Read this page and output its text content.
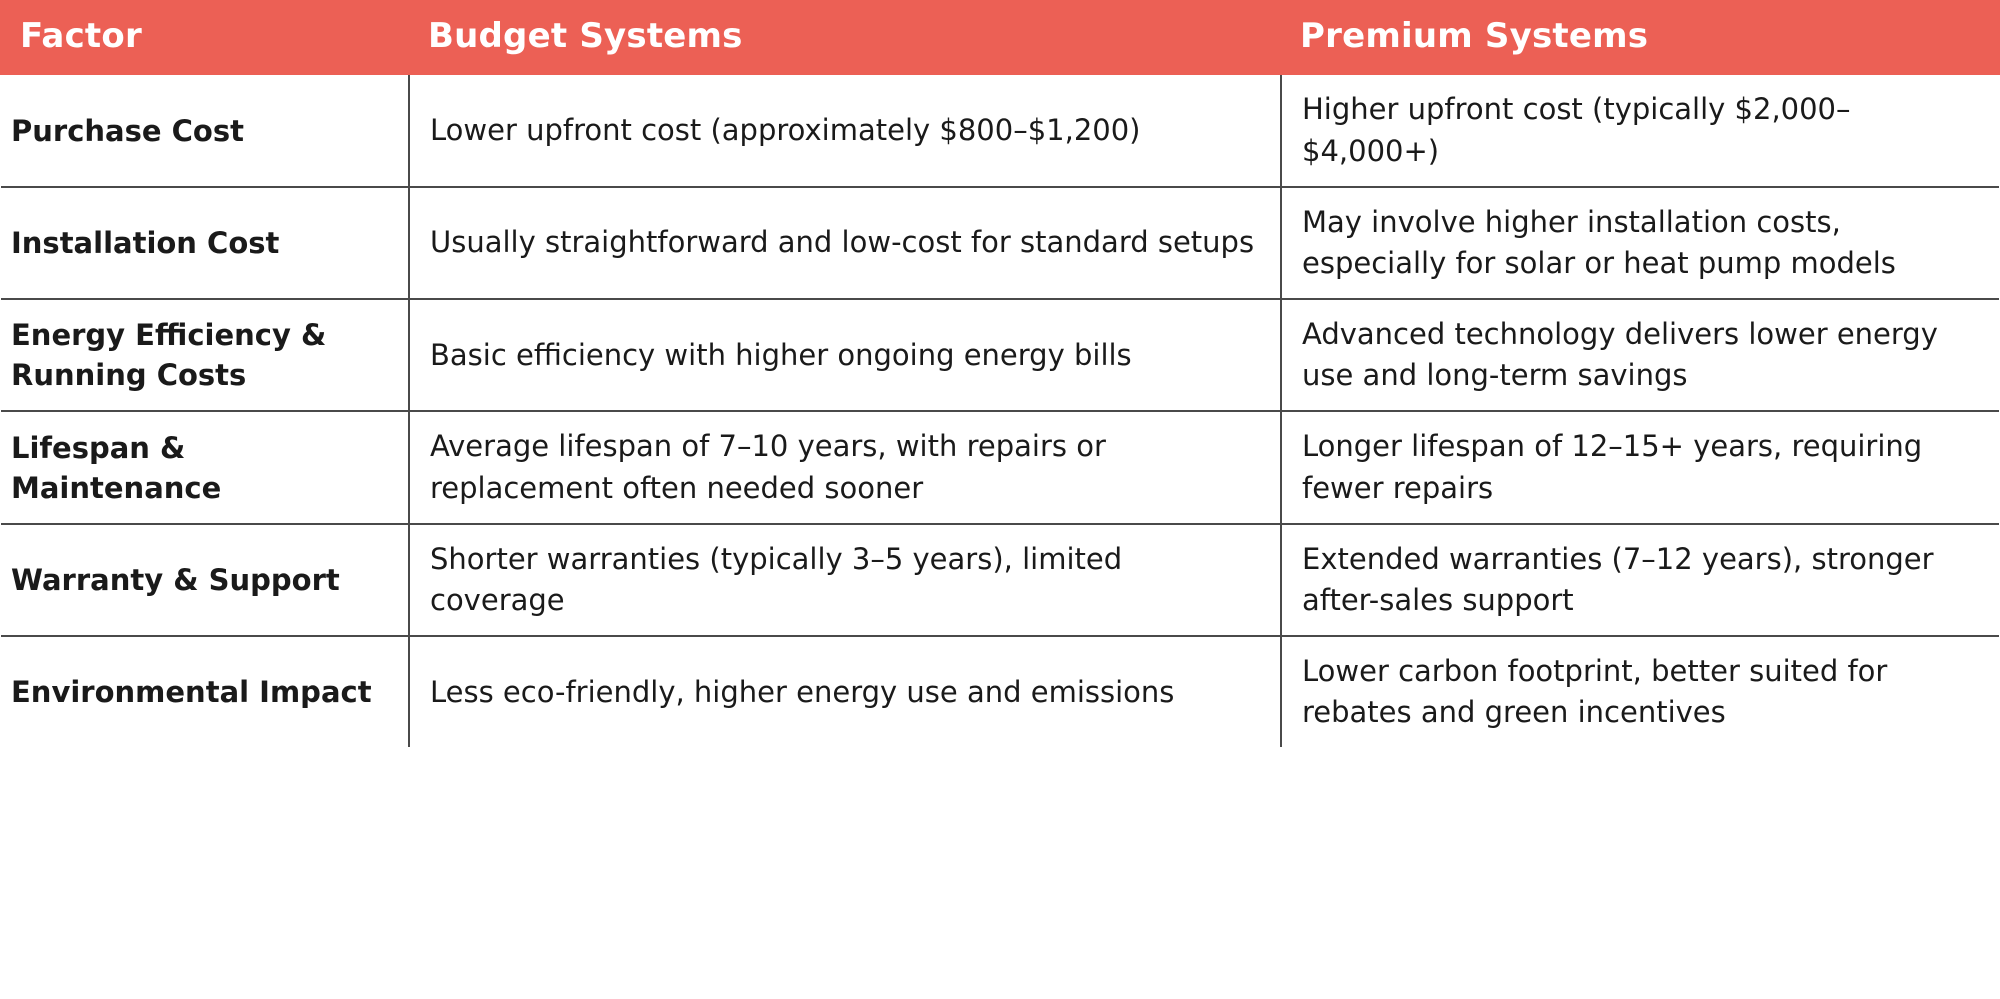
Factor	Budget Systems	Premium Systems
Purchase Cost	Lower upfront cost (approximately $800–$1,200)	Higher upfront cost (typically $2,000–$4,000+)
Installation Cost	Usually straightforward and low-cost for standard setups	May involve higher installation costs, especially for solar or heat pump models
Energy Efficiency & Running Costs	Basic efficiency with higher ongoing energy bills	Advanced technology delivers lower energy use and long-term savings
Lifespan & Maintenance	Average lifespan of 7–10 years, with repairs or replacement often needed sooner	Longer lifespan of 12–15+ years, requiring fewer repairs
Warranty & Support	Shorter warranties (typically 3–5 years), limited coverage	Extended warranties (7–12 years), stronger after-sales support
Environmental Impact	Less eco-friendly, higher energy use and emissions	Lower carbon footprint, better suited for rebates and green incentives
